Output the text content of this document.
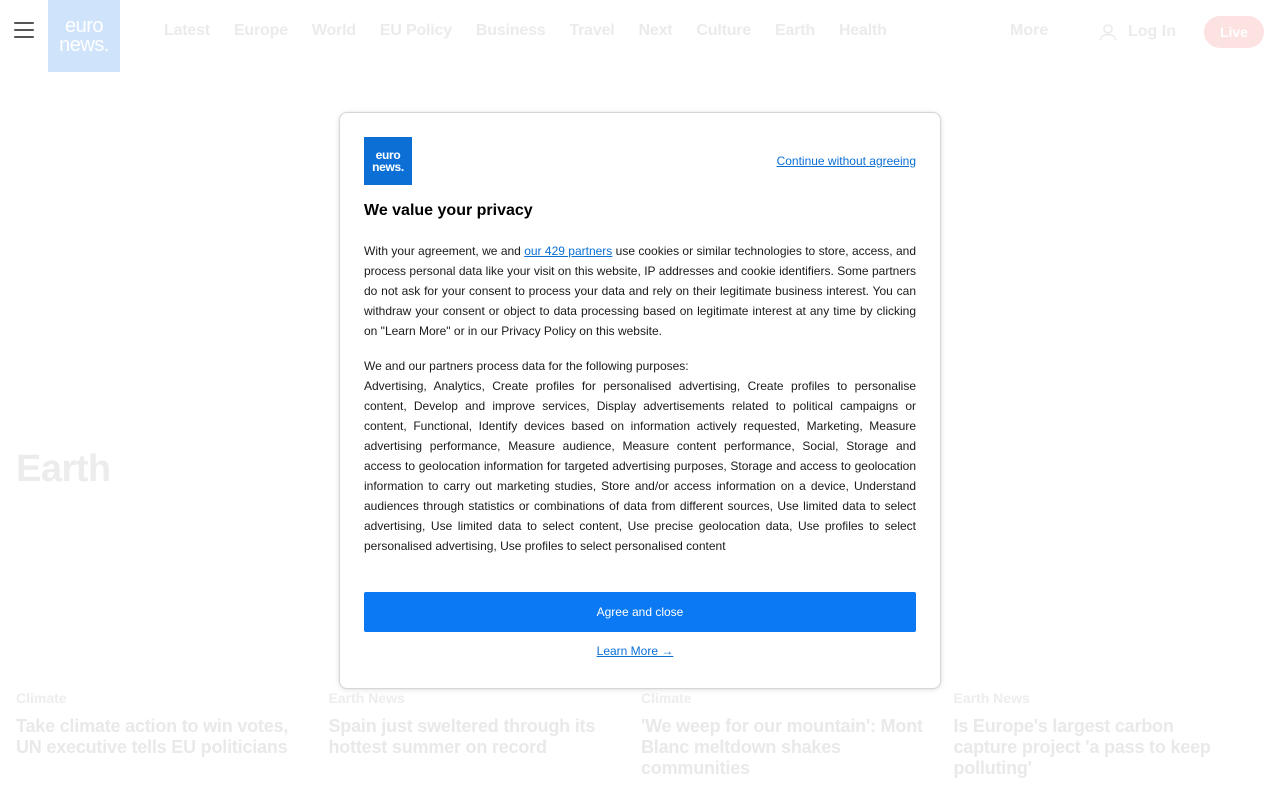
euro
news.
Latest Europe World EU Policy Business Travel Next Culture Earth Health	More	Log In	Live
Earth
Climate
Take climate action to win votes, UN executive tells EU politicians
Earth News
Spain just sweltered through its hottest summer on record
Climate
'We weep for our mountain': Mont Blanc meltdown shakes communities
Earth News
Is Europe's largest carbon capture project 'a pass to keep polluting'
euro
news.	Continue without agreeing
We value your privacy

With your agreement, we and our 429 partners use cookies or similar technologies to store, access, and process personal data like your visit on this website, IP addresses and cookie identifiers. Some partners do not ask for your consent to process your data and rely on their legitimate business interest. You can withdraw your consent or object to data processing based on legitimate interest at any time by clicking on "Learn More" or in our Privacy Policy on this website.

We and our partners process data for the following purposes:
Advertising, Analytics, Create profiles for personalised advertising, Create profiles to personalise content, Develop and improve services, Display advertisements related to political campaigns or content, Functional, Identify devices based on information actively requested, Marketing, Measure advertising performance, Measure audience, Measure content performance, Social, Storage and access to geolocation information for targeted advertising purposes, Storage and access to geolocation information to carry out marketing studies, Store and/or access information on a device, Understand audiences through statistics or combinations of data from different sources, Use limited data to select advertising, Use limited data to select content, Use precise geolocation data, Use profiles to select personalised advertising, Use profiles to select personalised content
Agree and close
Learn More →
